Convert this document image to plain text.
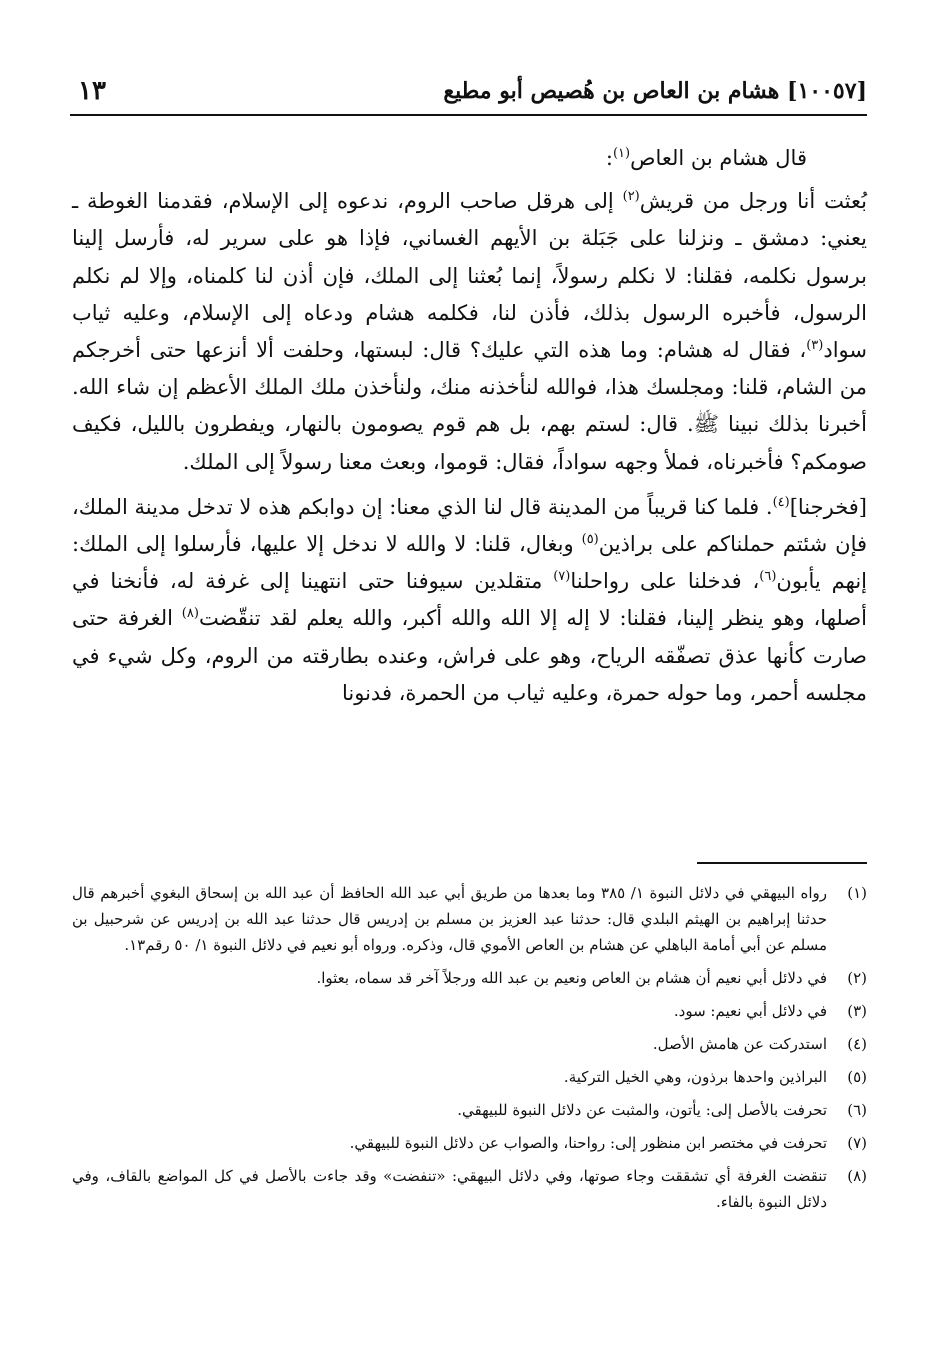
[١٠٠٥٧] هشام بن العاص بن هُصيص أبو مطيع
١٣

قال هشام بن العاص$^{(١)}$:

بُعثت أنا ورجل من قريش$^{(٢)}$ إلى هرقل صاحب الروم، ندعوه إلى الإسلام، فقدمنا الغوطة ـ يعني: دمشق ـ ونزلنا على جَبَلة بن الأيهم الغساني، فإذا هو على سرير له، فأرسل إلينا برسول نكلمه، فقلنا: لا نكلم رسولاً، إنما بُعثنا إلى الملك، فإن أذن لنا كلمناه، وإلا لم نكلم الرسول، فأخبره الرسول بذلك، فأذن لنا، فكلمه هشام ودعاه إلى الإسلام، وعليه ثياب سواد$^{(٣)}$، فقال له هشام: وما هذه التي عليك؟ قال: لبستها، وحلفت ألا أنزعها حتى أخرجكم من الشام، قلنا: ومجلسك هذا، فوالله لنأخذنه منك، ولنأخذن ملك الملك الأعظم إن شاء الله. أخبرنا بذلك نبينا ﷺ. قال: لستم بهم، بل هم قوم يصومون بالنهار، ويفطرون بالليل، فكيف صومكم؟ فأخبرناه، فملأ وجهه سواداً، فقال: قوموا، وبعث معنا رسولاً إلى الملك.

[فخرجنا]$^{(٤)}$. فلما كنا قريباً من المدينة قال لنا الذي معنا: إن دوابكم هذه لا تدخل مدينة الملك، فإن شئتم حملناكم على براذين$^{(٥)}$ وبغال، قلنا: لا والله لا ندخل إلا عليها، فأرسلوا إلى الملك: إنهم يأبون$^{(٦)}$، فدخلنا على رواحلنا$^{(٧)}$ متقلدين سيوفنا حتى انتهينا إلى غرفة له، فأنخنا في أصلها، وهو ينظر إلينا، فقلنا: لا إله إلا الله والله أكبر، والله يعلم لقد تنقّضت$^{(٨)}$ الغرفة حتى صارت كأنها عذق تصفّقه الرياح، وهو على فراش، وعنده بطارقته من الروم، وكل شيء في مجلسه أحمر، وما حوله حمرة، وعليه ثياب من الحمرة، فدنونا

(١)
رواه البيهقي في دلائل النبوة ١/ ٣٨٥ وما بعدها من طريق أبي عبد الله الحافظ أن عبد الله بن إسحاق البغوي أخبرهم قال حدثنا إبراهيم بن الهيثم البلدي قال: حدثنا عبد العزيز بن مسلم بن إدريس قال حدثنا عبد الله بن إدريس عن شرحبيل بن مسلم عن أبي أمامة الباهلي عن هشام بن العاص الأموي قال، وذكره. ورواه أبو نعيم في دلائل النبوة ١/ ٥٠ رقم١٣.
(٢)
في دلائل أبي نعيم أن هشام بن العاص ونعيم بن عبد الله ورجلاً آخر قد سماه، بعثوا.
(٣)
في دلائل أبي نعيم: سود.
(٤)
استدركت عن هامش الأصل.
(٥)
البراذين واحدها برذون، وهي الخيل التركية.
(٦)
تحرفت بالأصل إلى: يأتون، والمثبت عن دلائل النبوة للبيهقي.
(٧)
تحرفت في مختصر ابن منظور إلى: رواحنا، والصواب عن دلائل النبوة للبيهقي.
(٨)
تنقضت الغرفة أي تشققت وجاء صوتها، وفي دلائل البيهقي: «تنفضت» وقد جاءت بالأصل في كل المواضع بالقاف، وفي دلائل النبوة بالفاء.
